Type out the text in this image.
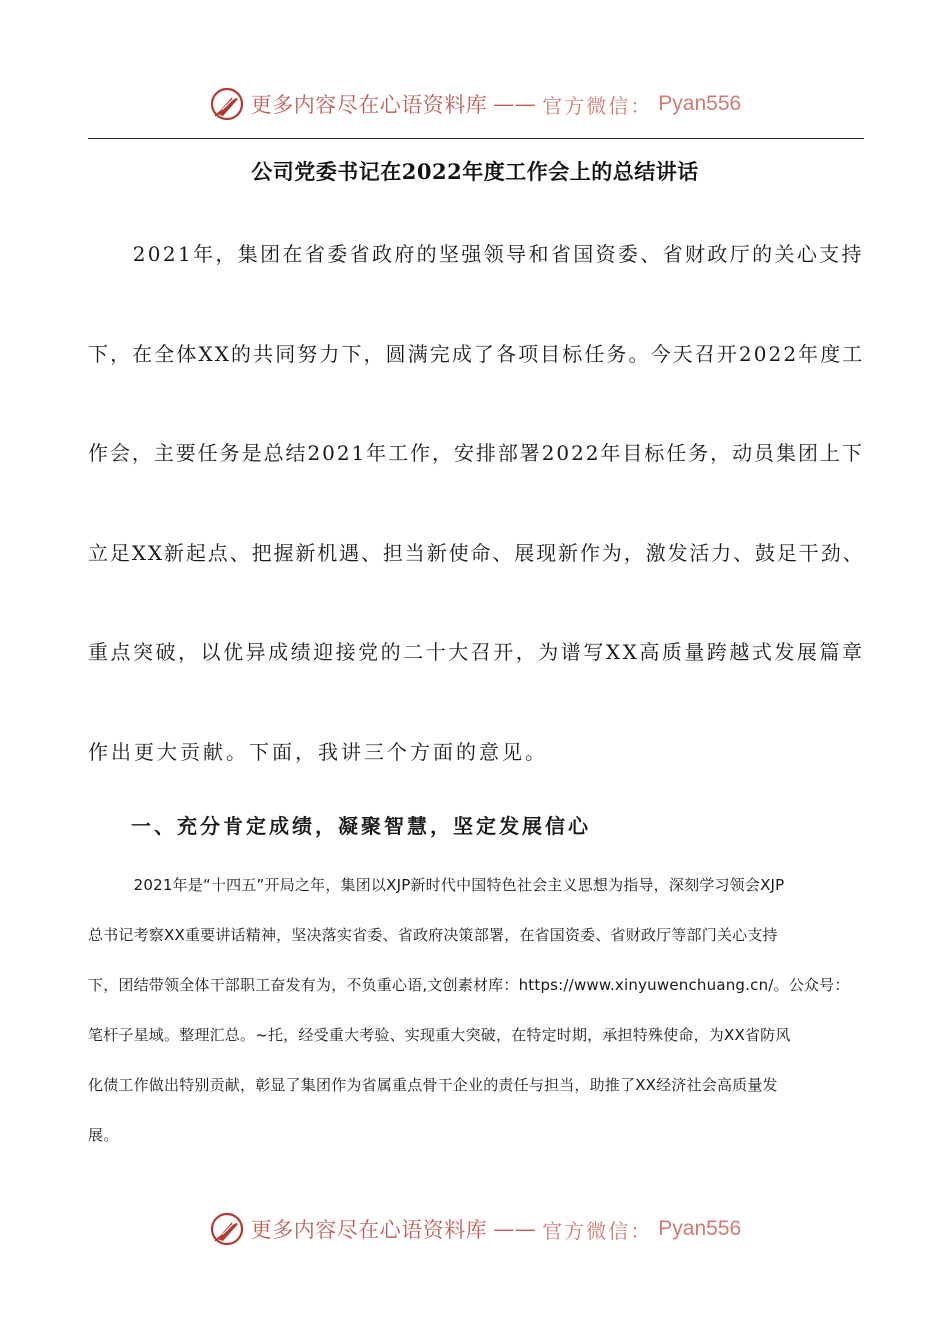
更多内容尽在心语资料库 —— 官方微信： Pyan556
公司党委书记在2022年度工作会上的总结讲话

　　2021年，集团在省委省政府的坚强领导和省国资委、省财政厅的关心支持

下，在全体XX的共同努力下，圆满完成了各项目标任务。今天召开2022年度工

作会，主要任务是总结2021年工作，安排部署2022年目标任务，动员集团上下

立足XX新起点、把握新机遇、担当新使命、展现新作为，激发活力、鼓足干劲、

重点突破，以优异成绩迎接党的二十大召开，为谱写XX高质量跨越式发展篇章

作出更大贡献。下面，我讲三个方面的意见。

一、充分肯定成绩，凝聚智慧，坚定发展信心

　　　2021年是“十四五”开局之年，集团以XJP新时代中国特色社会主义思想为指导，深刻学习领会XJP

总书记考察XX重要讲话精神，坚决落实省委、省政府决策部署，在省国资委、省财政厅等部门关心支持

下，团结带领全体干部职工奋发有为，不负重心语,文创素材库：https://www.xinyuwenchuang.cn/。公众号：

笔杆子星域。整理汇总。~托，经受重大考验、实现重大突破，在特定时期，承担特殊使命，为XX省防风

化债工作做出特别贡献，彰显了集团作为省属重点骨干企业的责任与担当，助推了XX经济社会高质量发

展。

更多内容尽在心语资料库 —— 官方微信： Pyan556
